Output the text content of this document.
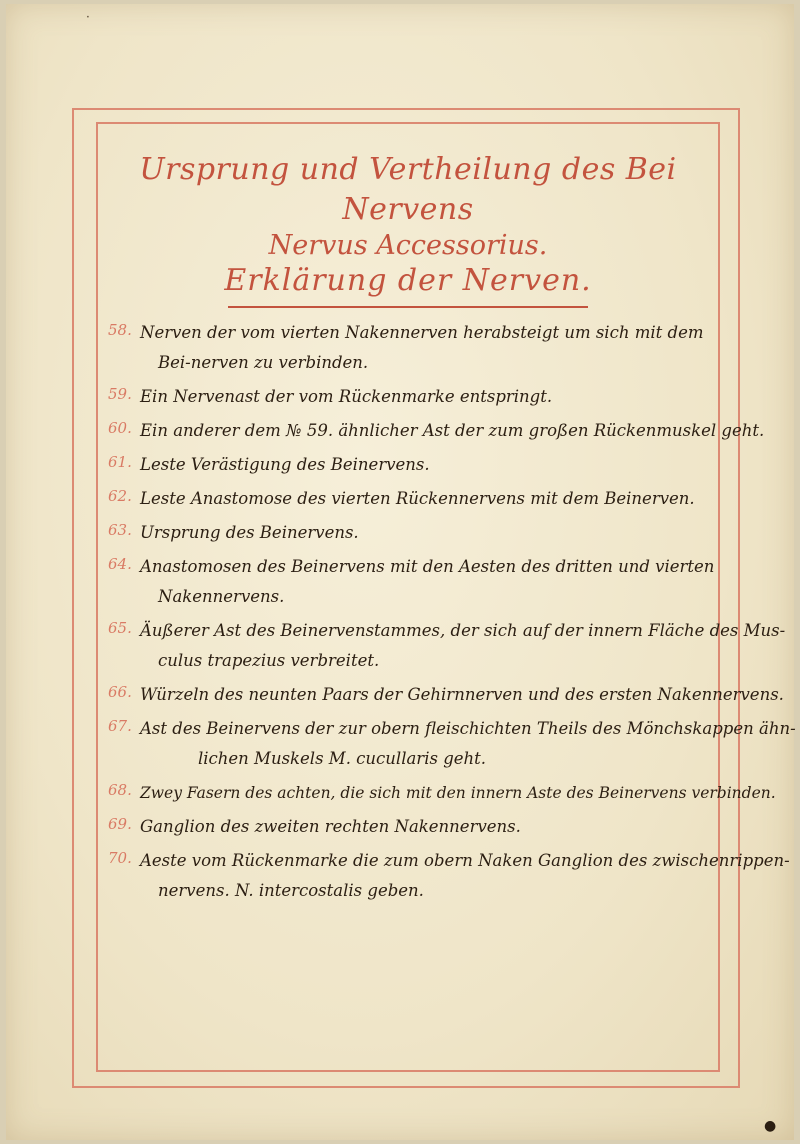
‧
Ursprung und Vertheilung des Bei Nervens
Nervus Accessorius.
Erklärung der Nerven.
58. Nerven der vom vierten Nakennerven herabsteigt um sich mit dem
Bei-nerven zu verbinden.
59. Ein Nervenast der vom Rückenmarke entspringt.
60. Ein anderer dem № 59. ähnlicher Ast der zum großen Rückenmuskel geht.
61. Leste Verästigung des Beinervens.
62. Leste Anastomose des vierten Rückennervens mit dem Beinerven.
63. Ursprung des Beinervens.
64. Anastomosen des Beinervens mit den Aesten des dritten und vierten
Nakennervens.
65. Äußerer Ast des Beinervenstammes, der sich auf der innern Fläche des Mus-
culus trapezius verbreitet.
66. Würzeln des neunten Paars der Gehirnnerven und des ersten Nakennervens.
67. Ast des Beinervens der zur obern fleischichten Theils des Mönchskappen ähn-
lichen Muskels M. cucullaris geht.
68. Zwey Fasern des achten, die sich mit den innern Aste des Beinervens verbinden.
69. Ganglion des zweiten rechten Nakennervens.
70. Aeste vom Rückenmarke die zum obern Naken Ganglion des zwischenrippen-
nervens. N. intercostalis geben.
●
